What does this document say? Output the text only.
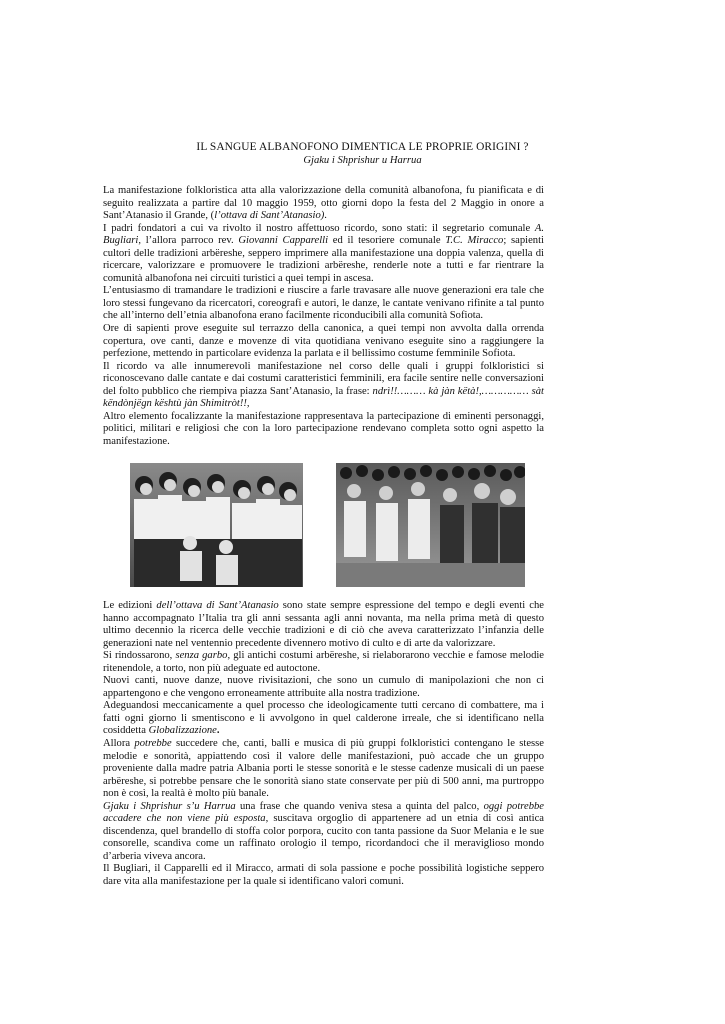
IL SANGUE ALBANOFONO DIMENTICA LE PROPRIE ORIGINI ?
Gjaku i Shprishur u Harrua

La manifestazione folkloristica atta alla valorizzazione della comunità albanofona, fu pianificata e di seguito realizzata a partire dal 10 maggio 1959, otto giorni dopo la festa del 2 Maggio in onore a Sant’Atanasio il Grande, (l’ottava di Sant’Atanasio).

I padri fondatori a cui va rivolto il nostro affettuoso ricordo, sono stati: il segretario comunale A. Bugliari, l’allora parroco rev. Giovanni Capparelli ed il tesoriere comunale T.C. Miracco; sapienti cultori delle tradizioni arbëreshe, seppero imprimere alla manifestazione una doppia valenza, quella di ricercare, valorizzare e promuovere le tradizioni arbëreshe, renderle note a tutti e far rientrare la comunità albanofona nei circuiti turistici a quei tempi in ascesa.

L’entusiasmo di tramandare le tradizioni e riuscire a farle travasare alle nuove generazioni era tale che loro stessi fungevano da ricercatori, coreografi e autori, le danze, le cantate venivano rifinite a tal punto che all’interno dell’etnia albanofona erano facilmente riconducibili alla comunità Sofiota.

Ore di sapienti prove eseguite sul terrazzo della canonica, a quei tempi non avvolta dalla orrenda copertura, ove canti, danze e movenze di vita quotidiana venivano eseguite sino a raggiungere la perfezione, mettendo in particolare evidenza la parlata e il bellissimo costume femminile Sofiota.

Il ricordo va alle innumerevoli manifestazione nel corso delle quali i gruppi folkloristici si riconoscevano dalle cantate e dai costumi caratteristici femminili, era facile sentire nelle conversazioni del folto pubblico che riempiva piazza Sant’Atanasio, la frase: ndrì!!……… kà jàn këtà!,…………… sàt këndònjëgn kështù jàn Shimitròt!!,

Altro elemento focalizzante la manifestazione rappresentava la partecipazione di eminenti personaggi, politici, militari e religiosi che con la loro partecipazione rendevano completa sotto ogni aspetto la manifestazione.

Le edizioni dell’ottava di Sant’Atanasio sono state sempre espressione del tempo e degli eventi che hanno accompagnato l’Italia tra gli anni sessanta agli anni novanta, ma nella prima metà di questo ultimo decennio la ricerca delle vecchie tradizioni e di ciò che aveva caratterizzato l’infanzia delle generazioni nate nel ventennio precedente divennero motivo di culto e di arte da valorizzare.

Si rindossarono, senza garbo, gli antichi costumi arbëreshe, si rielaborarono vecchie e famose melodie ritenendole, a torto, non più adeguate ed autoctone.

Nuovi canti, nuove danze, nuove rivisitazioni, che sono un cumulo di manipolazioni che non ci appartengono e che vengono erroneamente attribuite alla nostra tradizione.

Adeguandosi meccanicamente a quel processo che ideologicamente tutti cercano di combattere, ma i fatti ogni giorno li smentiscono e li avvolgono in quel calderone irreale, che si identificano nella cosiddetta Globalizzazione.

Allora potrebbe succedere che, canti, balli e musica di più gruppi folkloristici contengano le stesse melodie e sonorità, appiattendo così il valore delle manifestazioni, può accade che un gruppo proveniente dalla madre patria Albania porti le stesse sonorità e le stesse cadenze musicali di un paese arbëreshe, si potrebbe pensare che le sonorità siano state conservate per più di 500 anni, ma purtroppo non è così, la realtà è molto più banale.

Gjaku i Shprishur s’u Harrua una frase che quando veniva stesa a quinta del palco, oggi potrebbe accadere che non viene più esposta, suscitava orgoglio di appartenere ad un etnia di così antica discendenza, quel brandello di stoffa color porpora, cucito con tanta passione da Suor Melania e le sue consorelle, scandiva come un raffinato orologio il tempo, ricordandoci che il meraviglioso mondo d’arberia viveva ancora.

Il Bugliari, il Capparelli ed il Miracco, armati di sola passione e poche possibilità logistiche seppero dare vita alla manifestazione per la quale si identificano valori comuni.
